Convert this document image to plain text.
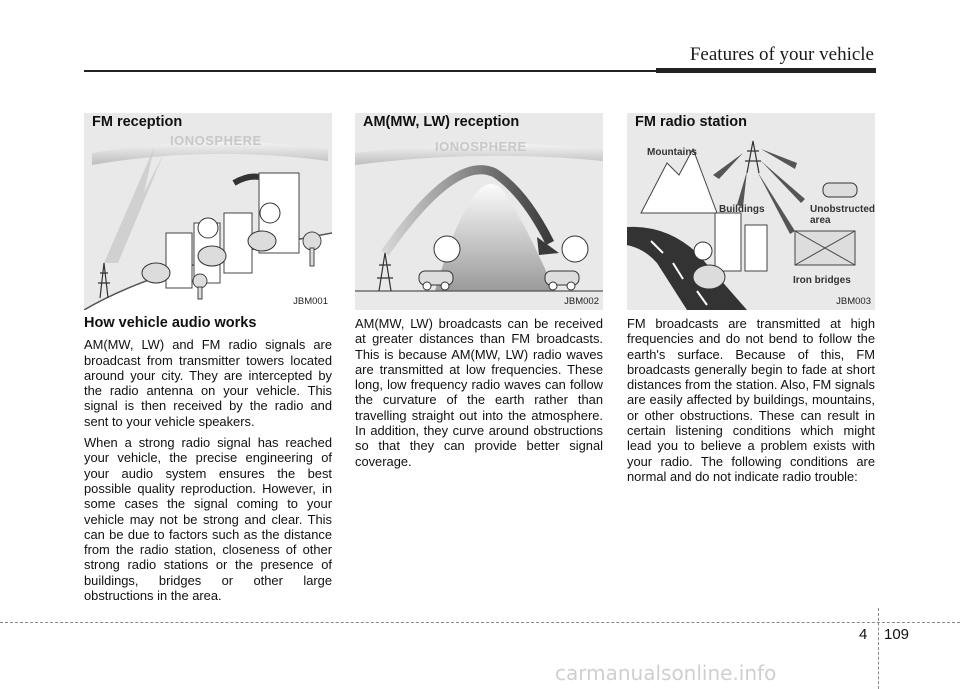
Features of your vehicle
IONOSPHERE
FM reception
JBM001
IONOSPHERE
AM(MW, LW) reception
JBM002
Mountains
Buildings	Unobstructed
area
Iron bridges
FM radio station
JBM003
How vehicle audio works

AM(MW, LW) and FM radio signals are broadcast from transmitter towers located around your city. They are intercepted by the radio antenna on your vehicle. This signal is then received by the radio and sent to your vehicle speakers.

When a strong radio signal has reached your vehicle, the precise engineering of your audio system ensures the best possible quality reproduction. However, in some cases the signal coming to your vehicle may not be strong and clear. This can be due to factors such as the distance from the radio station, closeness of other strong radio stations or the presence of buildings, bridges or other large obstructions in the area.

AM(MW, LW) broadcasts can be received at greater distances than FM broadcasts. This is because AM(MW, LW) radio waves are transmitted at low frequencies. These long, low frequency radio waves can follow the curvature of the earth rather than travelling straight out into the atmosphere. In addition, they curve around obstructions so that they can provide better signal coverage.

FM broadcasts are transmitted at high frequencies and do not bend to follow the earth's surface. Because of this, FM broadcasts generally begin to fade at short distances from the station. Also, FM signals are easily affected by buildings, mountains, or other obstructions. These can result in certain listening conditions which might lead you to believe a problem exists with your radio. The following conditions are normal and do not indicate radio trouble:

4 109
carmanualsonline.info
